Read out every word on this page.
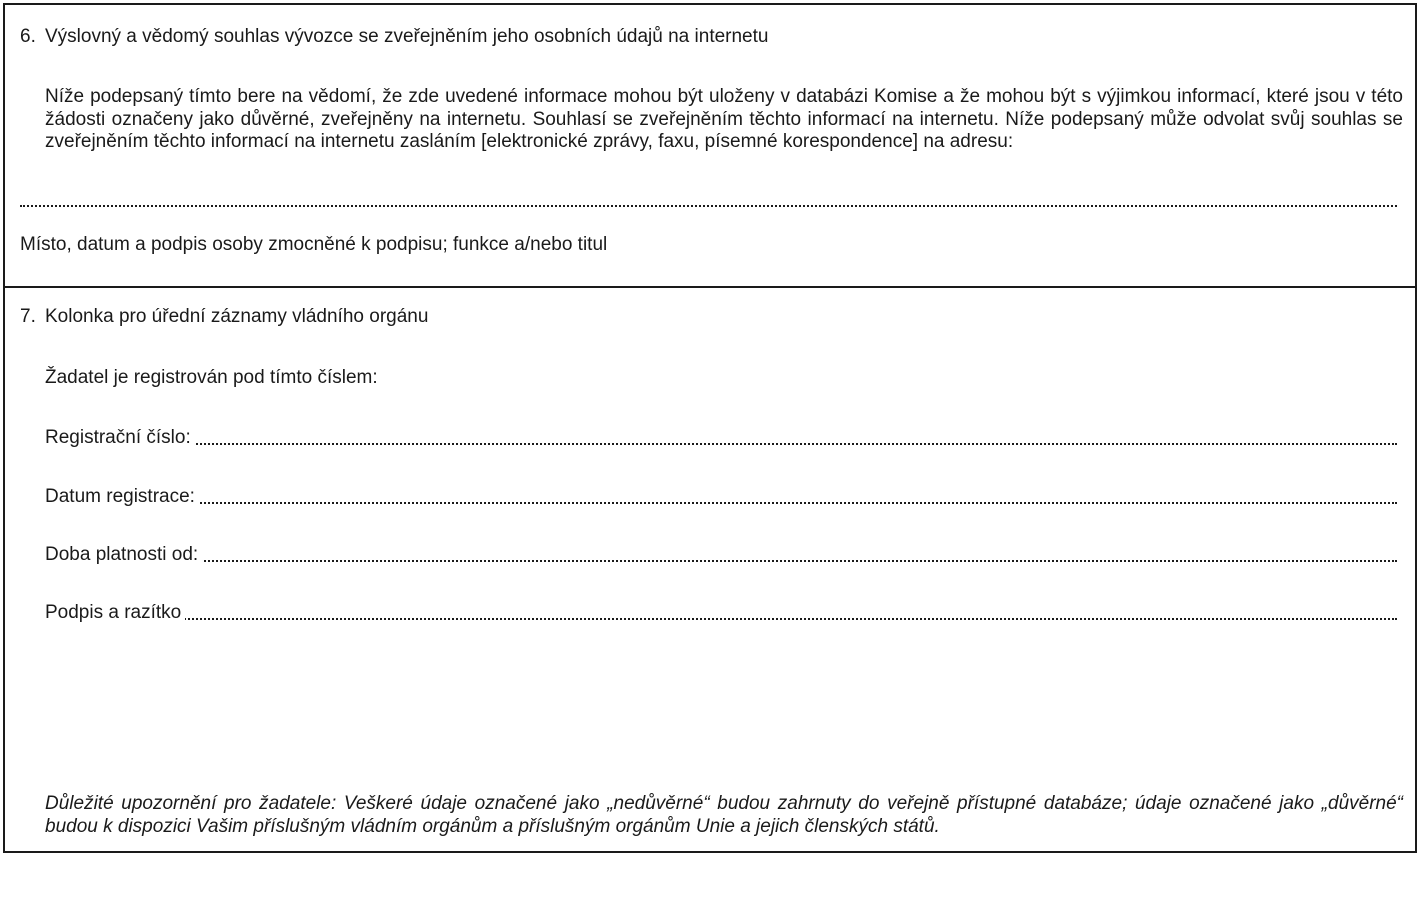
6. Výslovný a vědomý souhlas vývozce se zveřejněním jeho osobních údajů na internetu
Níže podepsaný tímto bere na vědomí, že zde uvedené informace mohou být uloženy v databázi Komise a že mohou být s výjimkou informací, které jsou v této žádosti označeny jako důvěrné, zveřejněny na internetu. Souhlasí se zveřejněním těchto informací na internetu. Níže podepsaný může odvolat svůj souhlas se zveřejněním těchto informací na internetu zasláním [elektronické zprávy, faxu, písemné korespondence] na adresu:
Místo, datum a podpis osoby zmocněné k podpisu; funkce a/nebo titul
7. Kolonka pro úřední záznamy vládního orgánu
Žadatel je registrován pod tímto číslem:
Registrační číslo:
Datum registrace:
Doba platnosti od:
Podpis a razítko
Důležité upozornění pro žadatele: Veškeré údaje označené jako „nedůvěrné“ budou zahrnuty do veřejně přístupné databáze; údaje označené jako „důvěrné“ budou k dispozici Vašim příslušným vládním orgánům a příslušným orgánům Unie a jejich členských států.
